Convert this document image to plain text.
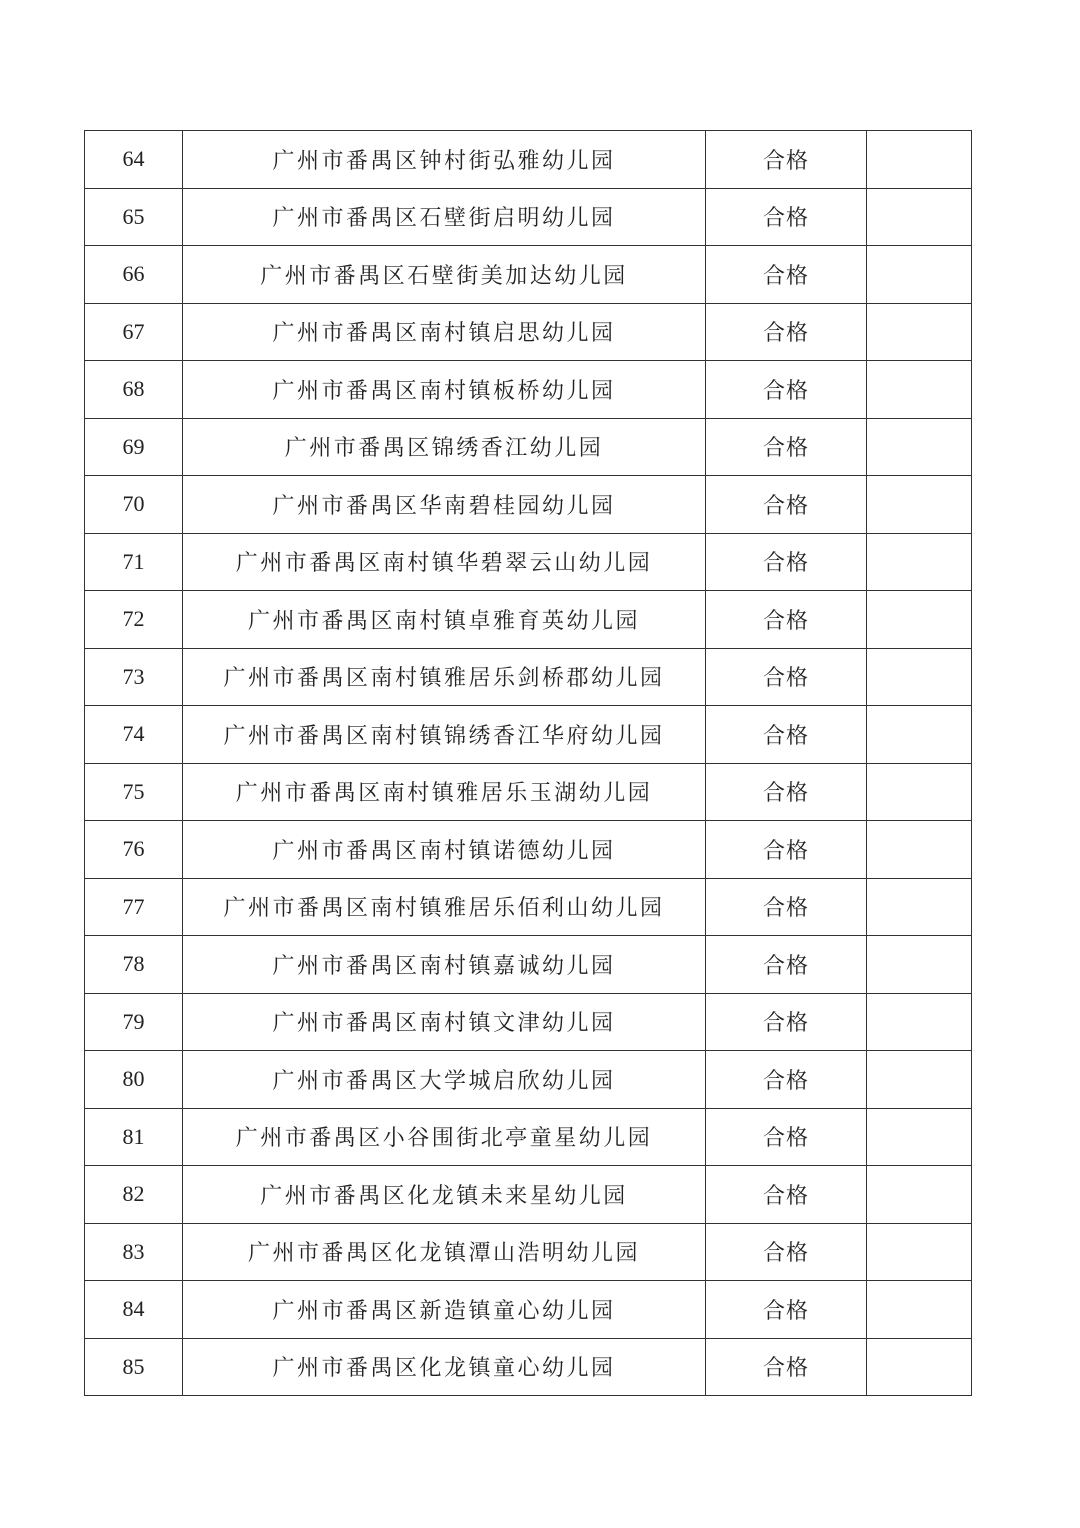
64	广州市番禺区钟村街弘雅幼儿园	合格	
65	广州市番禺区石壁街启明幼儿园	合格	
66	广州市番禺区石壁街美加达幼儿园	合格	
67	广州市番禺区南村镇启思幼儿园	合格	
68	广州市番禺区南村镇板桥幼儿园	合格	
69	广州市番禺区锦绣香江幼儿园	合格	
70	广州市番禺区华南碧桂园幼儿园	合格	
71	广州市番禺区南村镇华碧翠云山幼儿园	合格	
72	广州市番禺区南村镇卓雅育英幼儿园	合格	
73	广州市番禺区南村镇雅居乐剑桥郡幼儿园	合格	
74	广州市番禺区南村镇锦绣香江华府幼儿园	合格	
75	广州市番禺区南村镇雅居乐玉湖幼儿园	合格	
76	广州市番禺区南村镇诺德幼儿园	合格	
77	广州市番禺区南村镇雅居乐佰利山幼儿园	合格	
78	广州市番禺区南村镇嘉诚幼儿园	合格	
79	广州市番禺区南村镇文津幼儿园	合格	
80	广州市番禺区大学城启欣幼儿园	合格	
81	广州市番禺区小谷围街北亭童星幼儿园	合格	
82	广州市番禺区化龙镇未来星幼儿园	合格	
83	广州市番禺区化龙镇潭山浩明幼儿园	合格	
84	广州市番禺区新造镇童心幼儿园	合格	
85	广州市番禺区化龙镇童心幼儿园	合格	
